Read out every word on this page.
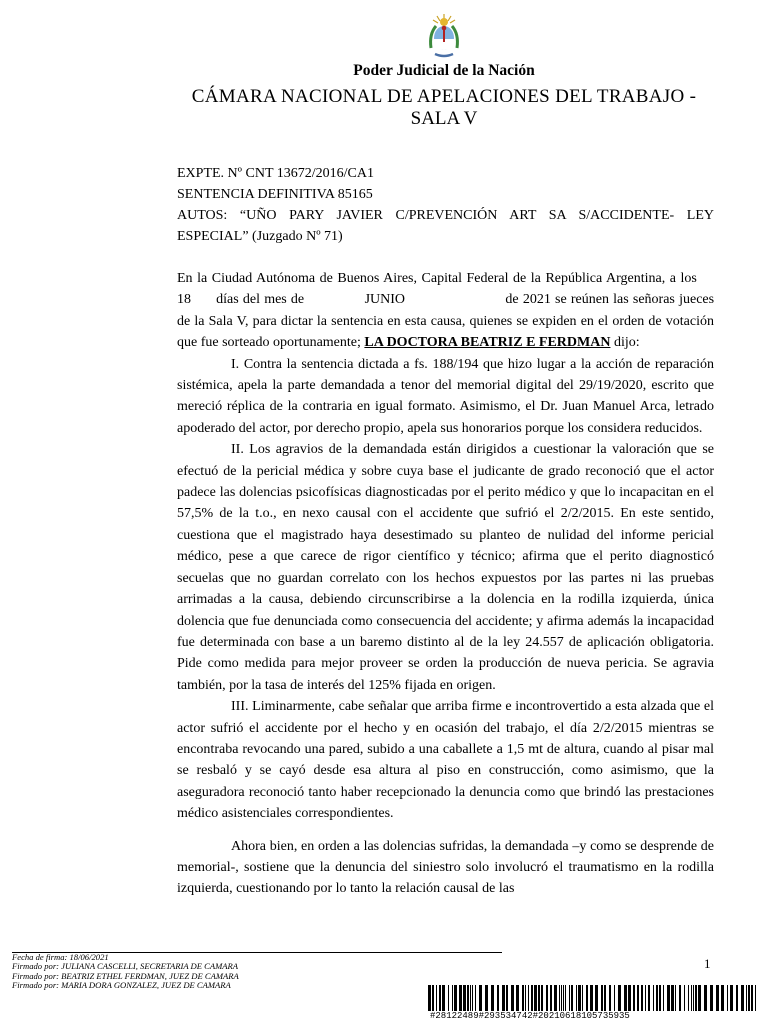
Poder Judicial de la Nación
CÁMARA NACIONAL DE APELACIONES DEL TRABAJO -
SALA V
EXPTE. Nº CNT 13672/2016/CA1
SENTENCIA DEFINITIVA 85165
AUTOS: “UÑO PARY JAVIER C/PREVENCIÓN ART SA S/ACCIDENTE- LEY ESPECIAL” (Juzgado Nº 71)

En la Ciudad Autónoma de Buenos Aires, Capital Federal de la República Argentina, a los     18 días del mes de	JUNIO	de 2021 se reúnen las señoras jueces de la Sala V, para dictar la sentencia en esta causa, quienes se expiden en el orden de votación que fue sorteado oportunamente; LA DOCTORA BEATRIZ E FERDMAN dijo:

I. Contra la sentencia dictada a fs. 188/194 que hizo lugar a la acción de reparación sistémica, apela la parte demandada a tenor del memorial digital del 29/19/2020, escrito que mereció réplica de la contraria en igual formato. Asimismo, el Dr. Juan Manuel Arca, letrado apoderado del actor, por derecho propio, apela sus honorarios porque los considera reducidos.

II. Los agravios de la demandada están dirigidos a cuestionar la valoración que se efectuó de la pericial médica y sobre cuya base el judicante de grado reconoció que el actor padece las dolencias psicofísicas diagnosticadas por el perito médico y que lo incapacitan en el 57,5% de la t.o., en nexo causal con el accidente que sufrió el 2/2/2015. En este sentido, cuestiona que el magistrado haya desestimado su planteo de nulidad del informe pericial médico, pese a que carece de rigor científico y técnico; afirma que el perito diagnosticó secuelas que no guardan correlato con los hechos expuestos por las partes ni las pruebas arrimadas a la causa, debiendo circunscribirse a la dolencia en la rodilla izquierda, única dolencia que fue denunciada como consecuencia del accidente; y afirma además la incapacidad fue determinada con base a un baremo distinto al de la ley 24.557 de aplicación obligatoria. Pide como medida para mejor proveer se orden la producción de nueva pericia. Se agravia también, por la tasa de interés del 125% fijada en origen.

III. Liminarmente, cabe señalar que arriba firme e incontrovertido a esta alzada que el actor sufrió el accidente por el hecho y en ocasión del trabajo, el día 2/2/2015 mientras se encontraba revocando una pared, subido a una caballete a 1,5 mt de altura, cuando al pisar mal se resbaló y se cayó desde esa altura al piso en construcción, como asimismo, que la aseguradora reconoció tanto haber recepcionado la denuncia como que brindó las prestaciones médico asistenciales correspondientes.

Ahora bien, en orden a las dolencias sufridas, la demandada –y como se desprende de memorial-, sostiene que la denuncia del siniestro solo involucró el traumatismo en la rodilla izquierda, cuestionando por lo tanto la relación causal de las

Fecha de firma: 18/06/2021
Firmado por: JULIANA CASCELLI, SECRETARIA DE CAMARA
Firmado por: BEATRIZ ETHEL FERDMAN, JUEZ DE CAMARA
Firmado por: MARIA DORA GONZALEZ, JUEZ DE CAMARA
1
#28122489#293534742#20210618105735935
